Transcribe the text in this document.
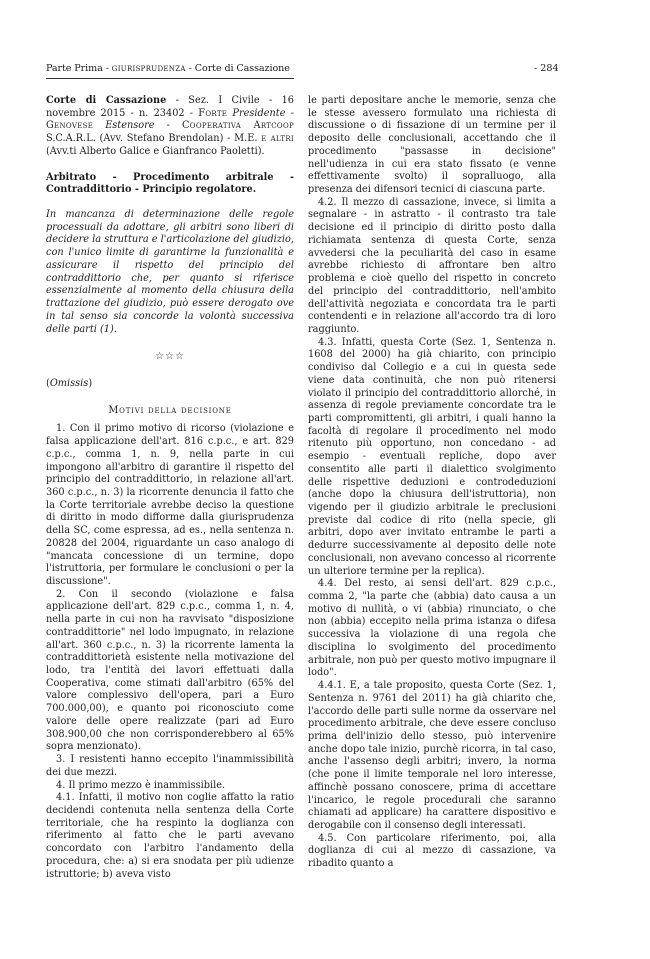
Parte Prima - giurisprudenza - Corte di Cassazione	- 284

Corte di Cassazione - Sez. I Civile - 16 novembre 2015 - n. 23402 - Forte Presidente - Genovese Estensore - Cooperativa Artcoop S.C.A.R.L. (Avv. Stefano Brendolan) - M.E. e altri (Avv.ti Alberto Galice e Gianfranco Paoletti).

Arbitrato - Procedimento arbitrale - Contraddittorio - Principio regolatore.

In mancanza di determinazione delle regole processuali da adottare, gli arbitri sono liberi di decidere la struttura e l'articolazione del giudizio, con l'unico limite di garantirne la funzionalità e assicurare il rispetto del principio del contraddittorio che, per quanto si riferisce essenzialmente al momento della chiusura della trattazione del giudizio, può essere derogato ove in tal senso sia concorde la volontà successiva delle parti (1).

☆☆☆

(Omissis)

Motivi della decisione

1. Con il primo motivo di ricorso (violazione e falsa applicazione dell'art. 816 c.p.c., e art. 829 c.p.c., comma 1, n. 9, nella parte in cui impongono all'arbitro di garantire il rispetto del principio del contraddittorio, in relazione all'art. 360 c.p.c., n. 3) la ricorrente denuncia il fatto che la Corte territoriale avrebbe deciso la questione di diritto in modo difforme dalla giurisprudenza della SC, come espressa, ad es., nella sentenza n. 20828 del 2004, riguardante un caso analogo di "mancata concessione di un termine, dopo l'istruttoria, per formulare le conclusioni o per la discussione".

2. Con il secondo (violazione e falsa applicazione dell'art. 829 c.p.c., comma 1, n. 4, nella parte in cui non ha ravvisato "disposizione contraddittorie" nel lodo impugnato, in relazione all'art. 360 c.p.c., n. 3) la ricorrente lamenta la contraddittorietà esistente nella motivazione del lodo, tra l'entità dei lavori effettuati dalla Cooperativa, come stimati dall'arbitro (65% del valore complessivo dell'opera, pari a Euro 700.000,00), e quanto poi riconosciuto come valore delle opere realizzate (pari ad Euro 308.900,00 che non corrisponderebbero al 65% sopra menzionato).

3. I resistenti hanno eccepito l'inammissibilità dei due mezzi.

4. Il primo mezzo è inammissibile.

4.1. Infatti, il motivo non coglie affatto la ratio decidendi contenuta nella sentenza della Corte territoriale, che ha respinto la doglianza con riferimento al fatto che le parti avevano concordato con l'arbitro l'andamento della procedura, che: a) si era snodata per più udienze istruttorie; b) aveva visto

le parti depositare anche le memorie, senza che le stesse avessero formulato una richiesta di discussione o di fissazione di un termine per il deposito delle conclusionali, accettando che il procedimento "passasse in decisione" nell'udienza in cui era stato fissato (e venne effettivamente svolto) il sopralluogo, alla presenza dei difensori tecnici di ciascuna parte.

4.2. Il mezzo di cassazione, invece, si limita a segnalare - in astratto - il contrasto tra tale decisione ed il principio di diritto posto dalla richiamata sentenza di questa Corte, senza avvedersi che la peculiarità del caso in esame avrebbe richiesto di affrontare ben altro problema e cioè quello del rispetto in concreto del principio del contraddittorio, nell'ambito dell'attività negoziata e concordata tra le parti contendenti e in relazione all'accordo tra di loro raggiunto.

4.3. Infatti, questa Corte (Sez. 1, Sentenza n. 1608 del 2000) ha già chiarito, con principio condiviso dal Collegio e a cui in questa sede viene data continuità, che non può ritenersi violato il principio del contraddittorio allorché, in assenza di regole previamente concordate tra le parti compromittenti, gli arbitri, i quali hanno la facoltà di regolare il procedimento nel modo ritenuto più opportuno, non concedano - ad esempio - eventuali repliche, dopo aver consentito alle parti il dialettico svolgimento delle rispettive deduzioni e controdeduzioni (anche dopo la chiusura dell'istruttoria), non vigendo per il giudizio arbitrale le preclusioni previste dal codice di rito (nella specie, gli arbitri, dopo aver invitato entrambe le parti a dedurre successivamente al deposito delle note conclusionali, non avevano concesso al ricorrente un ulteriore termine per la replica).

4.4. Del resto, ai sensi dell'art. 829 c.p.c., comma 2, "la parte che (abbia) dato causa a un motivo di nullità, o vi (abbia) rinunciato, o che non (abbia) eccepito nella prima istanza o difesa successiva la violazione di una regola che disciplina lo svolgimento del procedimento arbitrale, non può per questo motivo impugnare il lodo".

4.4.1. E, a tale proposito, questa Corte (Sez. 1, Sentenza n. 9761 del 2011) ha già chiarito che, l'accordo delle parti sulle norme da osservare nel procedimento arbitrale, che deve essere concluso prima dell'inizio dello stesso, può intervenire anche dopo tale inizio, purchè ricorra, in tal caso, anche l'assenso degli arbitri; invero, la norma (che pone il limite temporale nel loro interesse, affinchè possano conoscere, prima di accettare l'incarico, le regole procedurali che saranno chiamati ad applicare) ha carattere dispositivo e derogabile con il consenso degli interessati.

4.5. Con particolare riferimento, poi, alla doglianza di cui al mezzo di cassazione, va ribadito quanto a
